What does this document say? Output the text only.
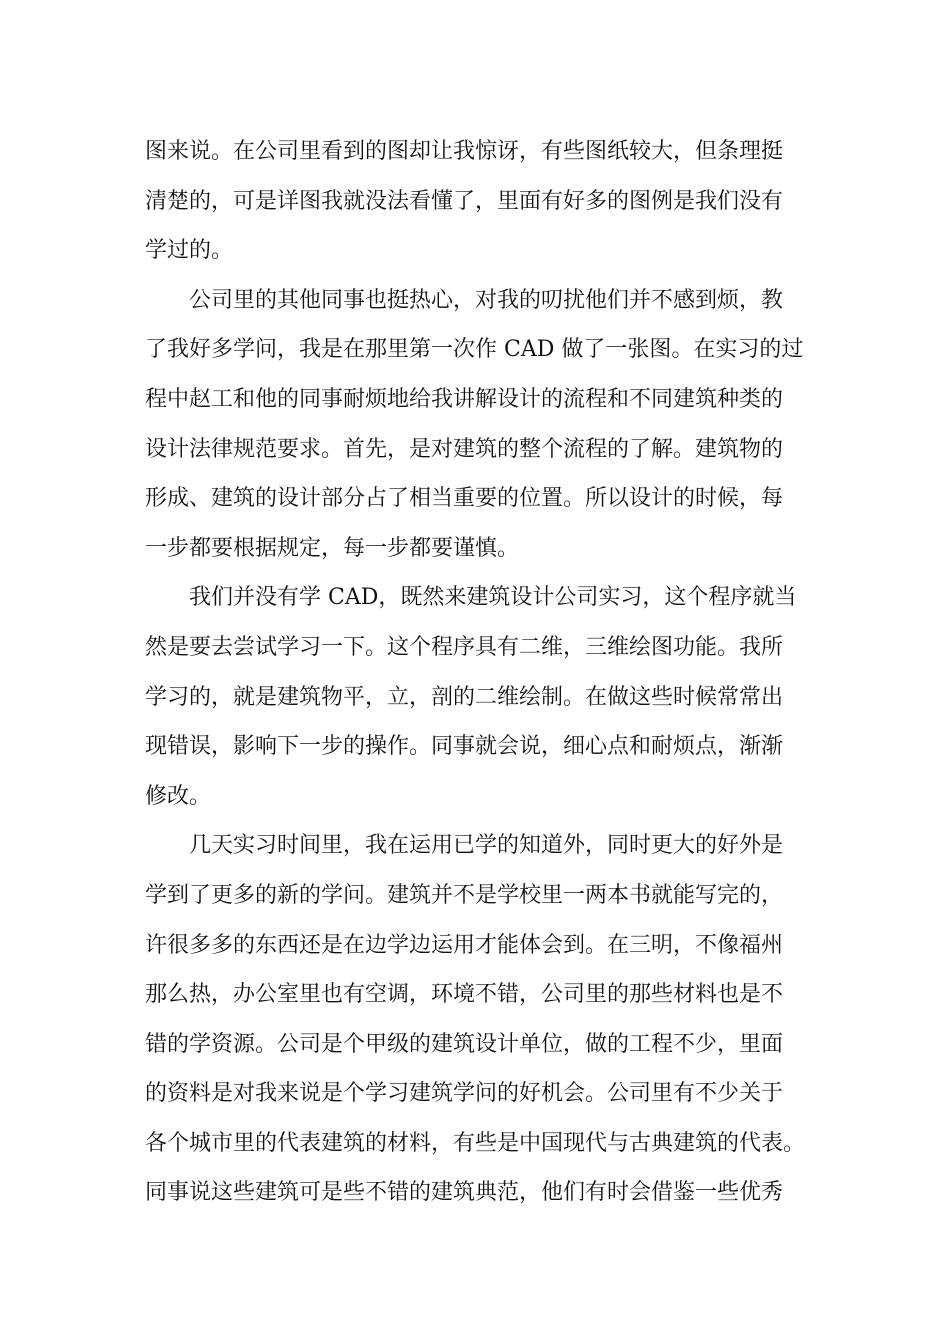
图来说。在公司里看到的图却让我惊讶，有些图纸较大，但条理挺
清楚的，可是详图我就没法看懂了，里面有好多的图例是我们没有
学过的。
公司里的其他同事也挺热心，对我的叨扰他们并不感到烦，教
了我好多学问，我是在那里第一次作 CAD 做了一张图。在实习的过
程中赵工和他的同事耐烦地给我讲解设计的流程和不同建筑种类的
设计法律规范要求。首先，是对建筑的整个流程的了解。建筑物的
形成、建筑的设计部分占了相当重要的位置。所以设计的时候，每
一步都要根据规定，每一步都要谨慎。
我们并没有学 CAD，既然来建筑设计公司实习，这个程序就当
然是要去尝试学习一下。这个程序具有二维，三维绘图功能。我所
学习的，就是建筑物平，立，剖的二维绘制。在做这些时候常常出
现错误，影响下一步的操作。同事就会说，细心点和耐烦点，渐渐
修改。
几天实习时间里，我在运用已学的知道外，同时更大的好外是
学到了更多的新的学问。建筑并不是学校里一两本书就能写完的，
许很多多的东西还是在边学边运用才能体会到。在三明，不像福州
那么热，办公室里也有空调，环境不错，公司里的那些材料也是不
错的学资源。公司是个甲级的建筑设计单位，做的工程不少，里面
的资料是对我来说是个学习建筑学问的好机会。公司里有不少关于
各个城市里的代表建筑的材料，有些是中国现代与古典建筑的代表。
同事说这些建筑可是些不错的建筑典范，他们有时会借鉴一些优秀
